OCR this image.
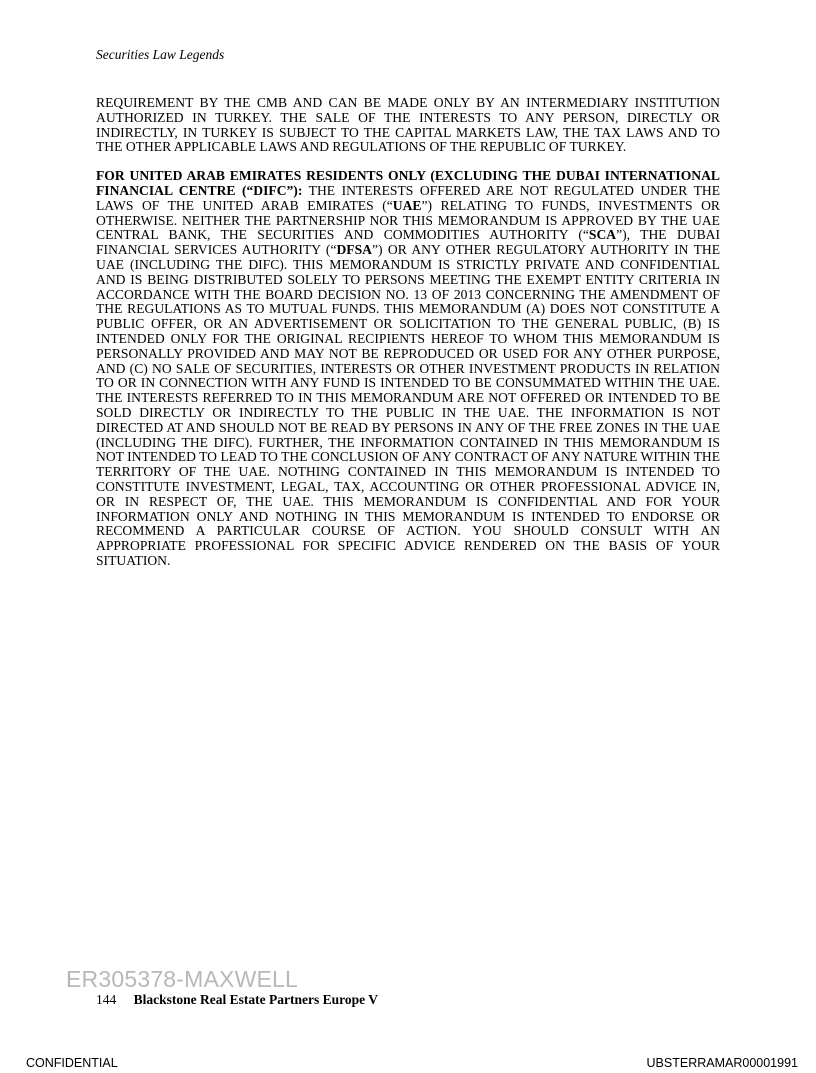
Securities Law Legends

REQUIREMENT BY THE CMB AND CAN BE MADE ONLY BY AN INTERMEDIARY INSTITUTION AUTHORIZED IN TURKEY. THE SALE OF THE INTERESTS TO ANY PERSON, DIRECTLY OR INDIRECTLY, IN TURKEY IS SUBJECT TO THE CAPITAL MARKETS LAW, THE TAX LAWS AND TO THE OTHER APPLICABLE LAWS AND REGULATIONS OF THE REPUBLIC OF TURKEY.

FOR UNITED ARAB EMIRATES RESIDENTS ONLY (EXCLUDING THE DUBAI INTERNATIONAL FINANCIAL CENTRE (“DIFC”): THE INTERESTS OFFERED ARE NOT REGULATED UNDER THE LAWS OF THE UNITED ARAB EMIRATES (“UAE”) RELATING TO FUNDS, INVESTMENTS OR OTHERWISE. NEITHER THE PARTNERSHIP NOR THIS MEMORANDUM IS APPROVED BY THE UAE CENTRAL BANK, THE SECURITIES AND COMMODITIES AUTHORITY (“SCA”), THE DUBAI FINANCIAL SERVICES AUTHORITY (“DFSA”) OR ANY OTHER REGULATORY AUTHORITY IN THE UAE (INCLUDING THE DIFC). THIS MEMORANDUM IS STRICTLY PRIVATE AND CONFIDENTIAL AND IS BEING DISTRIBUTED SOLELY TO PERSONS MEETING THE EXEMPT ENTITY CRITERIA IN ACCORDANCE WITH THE BOARD DECISION NO. 13 OF 2013 CONCERNING THE AMENDMENT OF THE REGULATIONS AS TO MUTUAL FUNDS. THIS MEMORANDUM (A) DOES NOT CONSTITUTE A PUBLIC OFFER, OR AN ADVERTISEMENT OR SOLICITATION TO THE GENERAL PUBLIC, (B) IS INTENDED ONLY FOR THE ORIGINAL RECIPIENTS HEREOF TO WHOM THIS MEMORANDUM IS PERSONALLY PROVIDED AND MAY NOT BE REPRODUCED OR USED FOR ANY OTHER PURPOSE, AND (C) NO SALE OF SECURITIES, INTERESTS OR OTHER INVESTMENT PRODUCTS IN RELATION TO OR IN CONNECTION WITH ANY FUND IS INTENDED TO BE CONSUMMATED WITHIN THE UAE. THE INTERESTS REFERRED TO IN THIS MEMORANDUM ARE NOT OFFERED OR INTENDED TO BE SOLD DIRECTLY OR INDIRECTLY TO THE PUBLIC IN THE UAE. THE INFORMATION IS NOT DIRECTED AT AND SHOULD NOT BE READ BY PERSONS IN ANY OF THE FREE ZONES IN THE UAE (INCLUDING THE DIFC). FURTHER, THE INFORMATION CONTAINED IN THIS MEMORANDUM IS NOT INTENDED TO LEAD TO THE CONCLUSION OF ANY CONTRACT OF ANY NATURE WITHIN THE TERRITORY OF THE UAE. NOTHING CONTAINED IN THIS MEMORANDUM IS INTENDED TO CONSTITUTE INVESTMENT, LEGAL, TAX, ACCOUNTING OR OTHER PROFESSIONAL ADVICE IN, OR IN RESPECT OF, THE UAE. THIS MEMORANDUM IS CONFIDENTIAL AND FOR YOUR INFORMATION ONLY AND NOTHING IN THIS MEMORANDUM IS INTENDED TO ENDORSE OR RECOMMEND A PARTICULAR COURSE OF ACTION. YOU SHOULD CONSULT WITH AN APPROPRIATE PROFESSIONAL FOR SPECIFIC ADVICE RENDERED ON THE BASIS OF YOUR SITUATION.

ER305378-MAXWELL
144 Blackstone Real Estate Partners Europe V
CONFIDENTIAL	UBSTERRAMAR00001991
